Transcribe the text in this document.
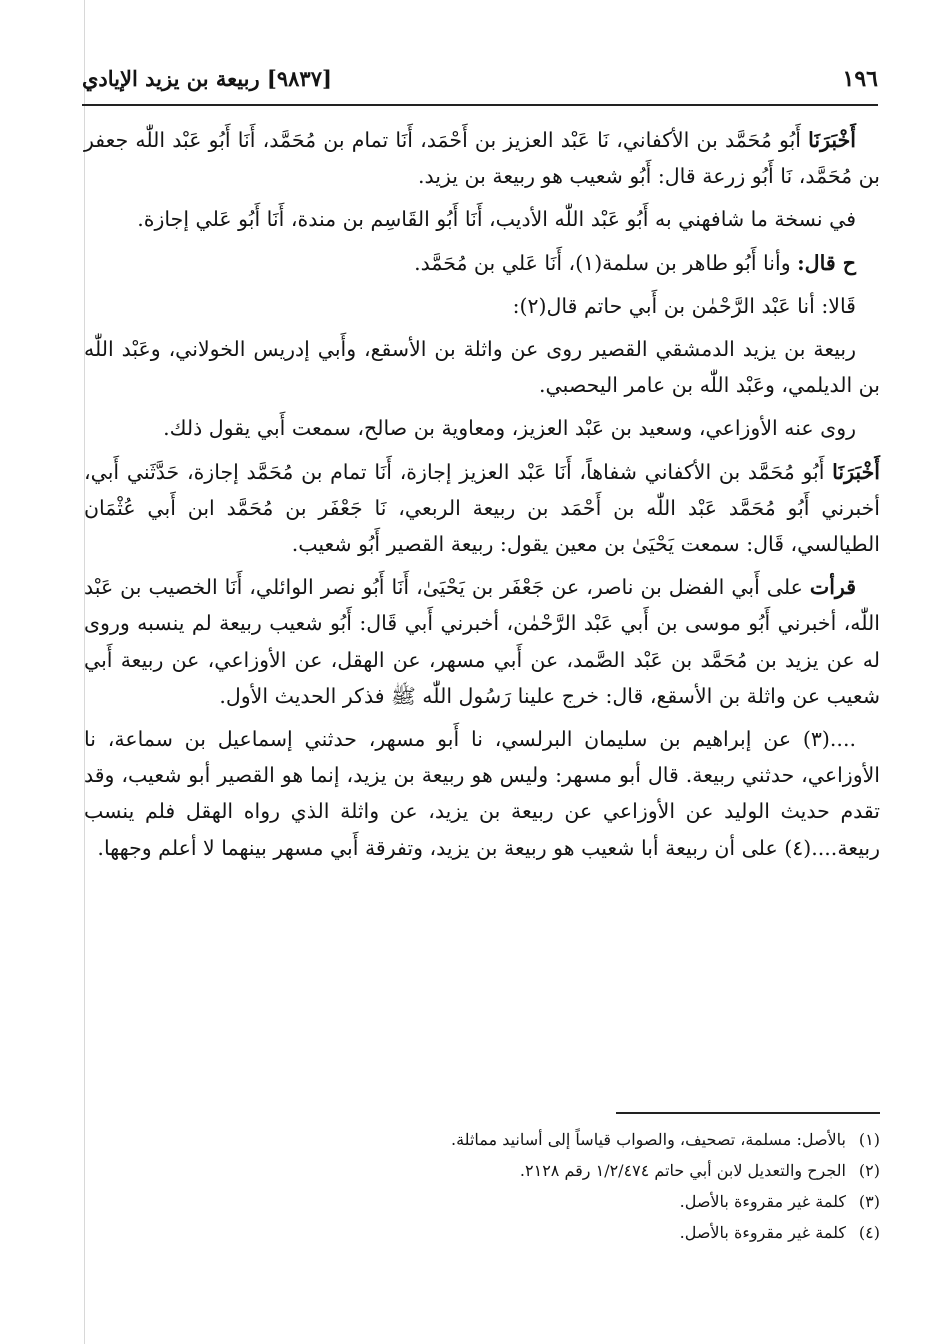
١٩٦
[٩٨٣٧] ربيعة بن يزيد الإيادي

أَخْبَرَنَا أَبُو مُحَمَّد بن الأكفاني، نَا عَبْد العزيز بن أَحْمَد، أَنَا تمام بن مُحَمَّد، أَنَا أَبُو عَبْد اللّٰه جعفر بن مُحَمَّد، نَا أَبُو زرعة قال: أَبُو شعيب هو ربيعة بن يزيد.

في نسخة ما شافهني به أَبُو عَبْد اللّٰه الأديب، أَنَا أَبُو القَاسِم بن مندة، أَنَا أَبُو عَلي إجازة.

ح قال: وأنا أَبُو طاهر بن سلمة(١)، أَنَا عَلي بن مُحَمَّد.

قَالا: أنا عَبْد الرَّحْمٰن بن أَبي حاتم قال(٢):

ربيعة بن يزيد الدمشقي القصير روى عن واثلة بن الأسقع، وأَبي إدريس الخولاني، وعَبْد اللّٰه بن الديلمي، وعَبْد اللّٰه بن عامر اليحصبي.

روى عنه الأوزاعي، وسعيد بن عَبْد العزيز، ومعاوية بن صالح، سمعت أَبي يقول ذلك.

أَخْبَرَنَا أَبُو مُحَمَّد بن الأكفاني شفاهاً، أَنَا عَبْد العزيز إجازة، أَنَا تمام بن مُحَمَّد إجازة، حَدَّثَني أَبي، أخبرني أَبُو مُحَمَّد عَبْد اللّٰه بن أَحْمَد بن ربيعة الربعي، نَا جَعْفَر بن مُحَمَّد ابن أَبي عُثْمَان الطيالسي، قَال: سمعت يَحْيَىٰ بن معين يقول: ربيعة القصير أَبُو شعيب.

قرأت على أَبي الفضل بن ناصر، عن جَعْفَر بن يَحْيَىٰ، أَنَا أَبُو نصر الوائلي، أَنَا الخصيب بن عَبْد اللّٰه، أخبرني أَبُو موسى بن أَبي عَبْد الرَّحْمٰن، أخبرني أَبي قَال: أَبُو شعيب ربيعة لم ينسبه وروى له عن يزيد بن مُحَمَّد بن عَبْد الصَّمد، عن أَبي مسهر، عن الهقل، عن الأوزاعي، عن ربيعة أَبي شعيب عن واثلة بن الأسقع، قال: خرج علينا رَسُول اللّٰه ﷺ فذكر الحديث الأول.

....(٣) عن إبراهيم بن سليمان البرلسي، نا أَبو مسهر، حدثني إسماعيل بن سماعة، نا الأوزاعي، حدثني ربيعة. قال أبو مسهر: وليس هو ربيعة بن يزيد، إنما هو القصير أبو شعيب، وقد تقدم حديث الوليد عن الأوزاعي عن ربيعة بن يزيد، عن واثلة الذي رواه الهقل فلم ينسب ربيعة....(٤) على أن ربيعة أبا شعيب هو ربيعة بن يزيد، وتفرقة أَبي مسهر بينهما لا أعلم وجهها.

(١)
بالأصل: مسلمة، تصحيف، والصواب قياساً إلى أسانيد مماثلة.
(٢)
الجرح والتعديل لابن أبي حاتم ١/٢/٤٧٤ رقم ٢١٢٨.
(٣)
كلمة غير مقروءة بالأصل.
(٤)
كلمة غير مقروءة بالأصل.
